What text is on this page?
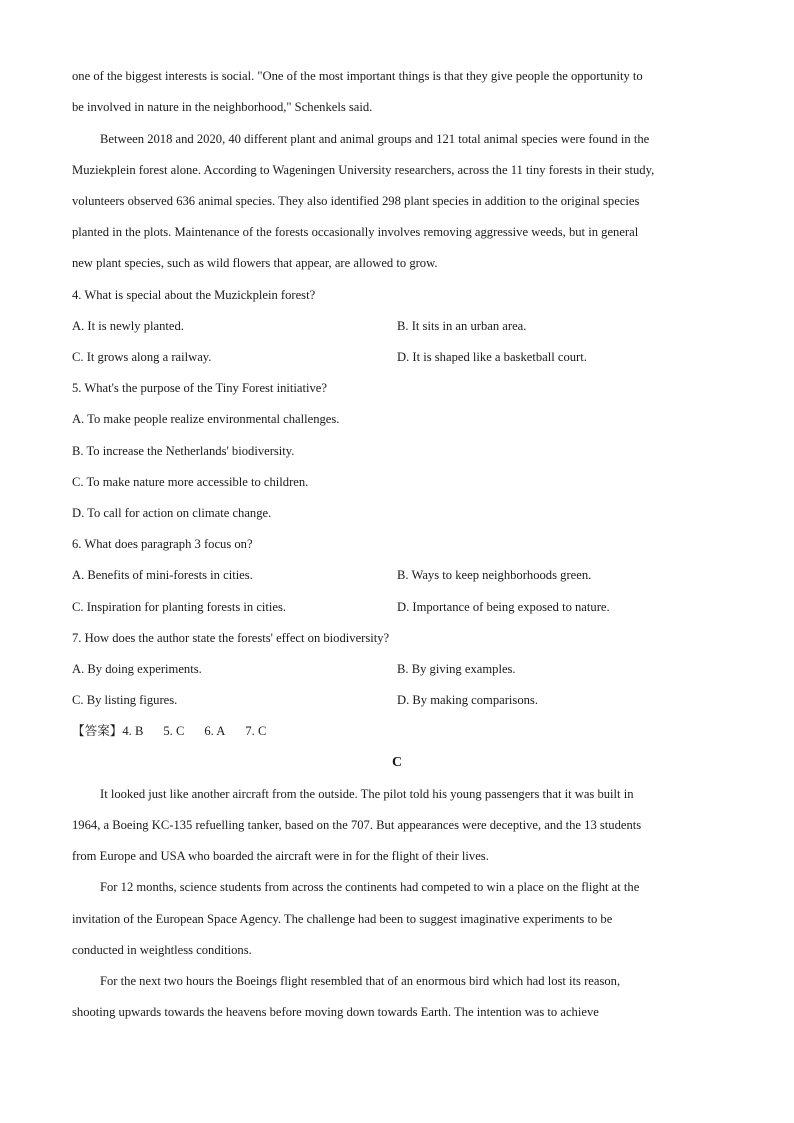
one of the biggest interests is social. "One of the most important things is that they give people the opportunity to
be involved in nature in the neighborhood," Schenkels said.
Between 2018 and 2020, 40 different plant and animal groups and 121 total animal species were found in the
Muziekplein forest alone. According to Wageningen University researchers, across the 11 tiny forests in their study,
volunteers observed 636 animal species. They also identified 298 plant species in addition to the original species
planted in the plots. Maintenance of the forests occasionally involves removing aggressive weeds, but in general
new plant species, such as wild flowers that appear, are allowed to grow.
4. What is special about the Muzickplein forest?
A. It is newly planted.	B. It sits in an urban area.
C. It grows along a railway.	D. It is shaped like a basketball court.
5. What's the purpose of the Tiny Forest initiative?
A. To make people realize environmental challenges.
B. To increase the Netherlands' biodiversity.
C. To make nature more accessible to children.
D. To call for action on climate change.
6. What does paragraph 3 focus on?
A. Benefits of mini-forests in cities.	B. Ways to keep neighborhoods green.
C. Inspiration for planting forests in cities.	D. Importance of being exposed to nature.
7. How does the author state the forests' effect on biodiversity?
A. By doing experiments.	B. By giving examples.
C. By listing figures.	D. By making comparisons.
【答案】4. B 5. C 6. A 7. C
C
It looked just like another aircraft from the outside. The pilot told his young passengers that it was built in
1964, a Boeing KC-135 refuelling tanker, based on the 707. But appearances were deceptive, and the 13 students
from Europe and USA who boarded the aircraft were in for the flight of their lives.
For 12 months, science students from across the continents had competed to win a place on the flight at the
invitation of the European Space Agency. The challenge had been to suggest imaginative experiments to be
conducted in weightless conditions.
For the next two hours the Boeings flight resembled that of an enormous bird which had lost its reason,
shooting upwards towards the heavens before moving down towards Earth. The intention was to achieve
